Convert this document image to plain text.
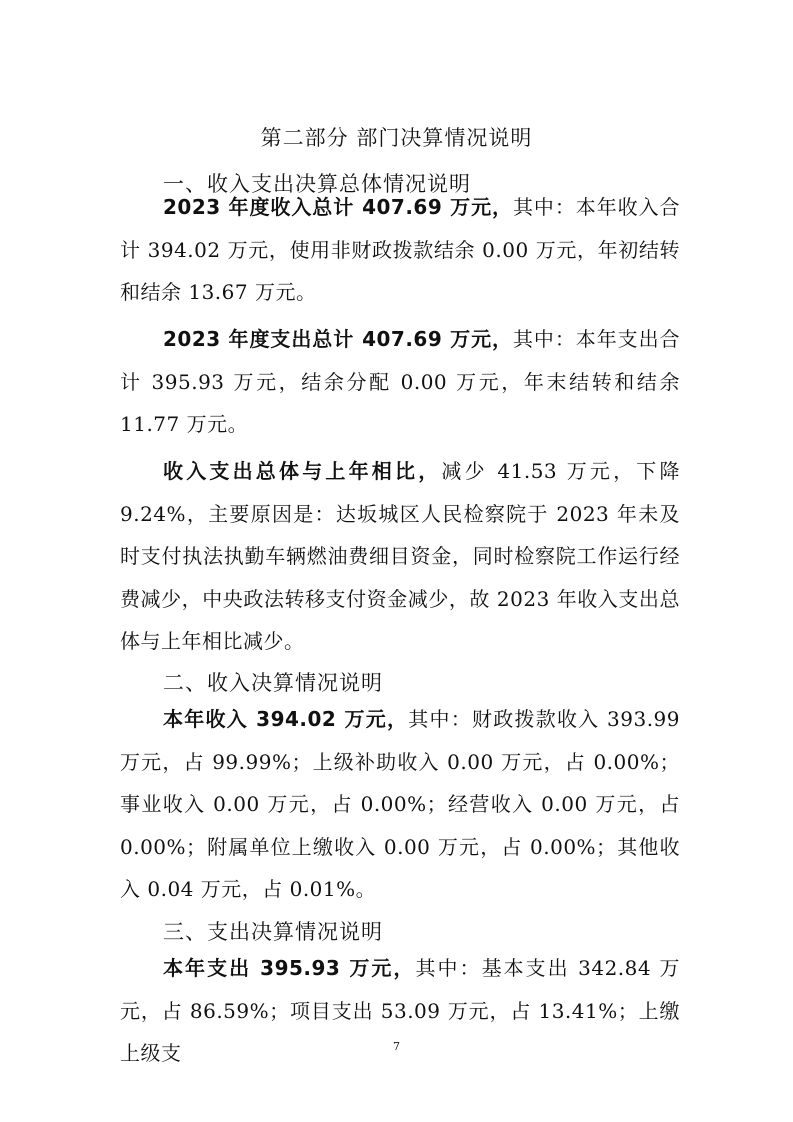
第二部分 部门决算情况说明
一、收入支出决算总体情况说明

2023 年度收入总计 407.69 万元，其中：本年收入合计 394.02 万元，使用非财政拨款结余 0.00 万元，年初结转和结余 13.67 万元。

2023 年度支出总计 407.69 万元，其中：本年支出合计 395.93 万元，结余分配 0.00 万元，年末结转和结余 11.77 万元。

收入支出总体与上年相比，减少 41.53 万元，下降 9.24%，主要原因是：达坂城区人民检察院于 2023 年未及时支付执法执勤车辆燃油费细目资金，同时检察院工作运行经费减少，中央政法转移支付资金减少，故 2023 年收入支出总体与上年相比减少。

二、收入决算情况说明

本年收入 394.02 万元，其中：财政拨款收入 393.99 万元，占 99.99%；上级补助收入 0.00 万元，占 0.00%；事业收入 0.00 万元，占 0.00%；经营收入 0.00 万元，占 0.00%；附属单位上缴收入 0.00 万元，占 0.00%；其他收入 0.04 万元，占 0.01%。

三、支出决算情况说明

本年支出 395.93 万元，其中：基本支出 342.84 万元，占 86.59%；项目支出 53.09 万元，占 13.41%；上缴上级支	7
